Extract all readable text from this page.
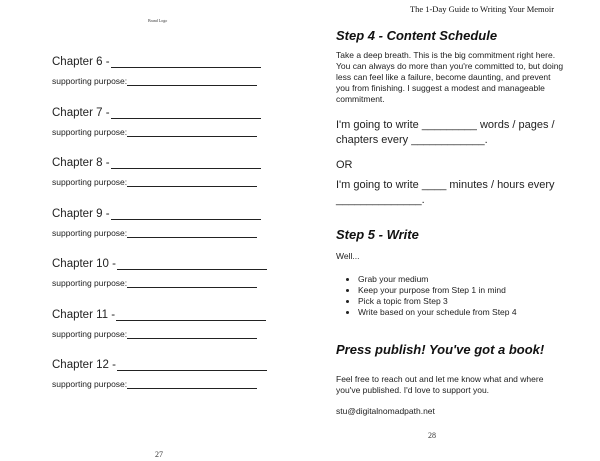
Brand Logo
Chapter 6 -
supporting purpose:
Chapter 7 -
supporting purpose:
Chapter 8 -
supporting purpose:
Chapter 9 -
supporting purpose:
Chapter 10 -
supporting purpose:
Chapter 11 -
supporting purpose:
Chapter 12 -
supporting purpose:
27
The 1-Day Guide to Writing Your Memoir
Step 4 - Content Schedule

Take a deep breath. This is the big commitment right here. You can always do more than you're committed to, but doing less can feel like a failure, become daunting, and prevent you from finishing. I suggest a modest and manageable commitment.

I'm going to write _________ words / pages / chapters every ____________.

OR

I'm going to write ____ minutes / hours every ______________.

Step 5 - Write

Well...

• Grab your medium
• Keep your purpose from Step 1 in mind
• Pick a topic from Step 3
• Write based on your schedule from Step 4
Press publish! You've got a book!

Feel free to reach out and let me know what and where you've published. I'd love to support you.

stu@digitalnomadpath.net

28
